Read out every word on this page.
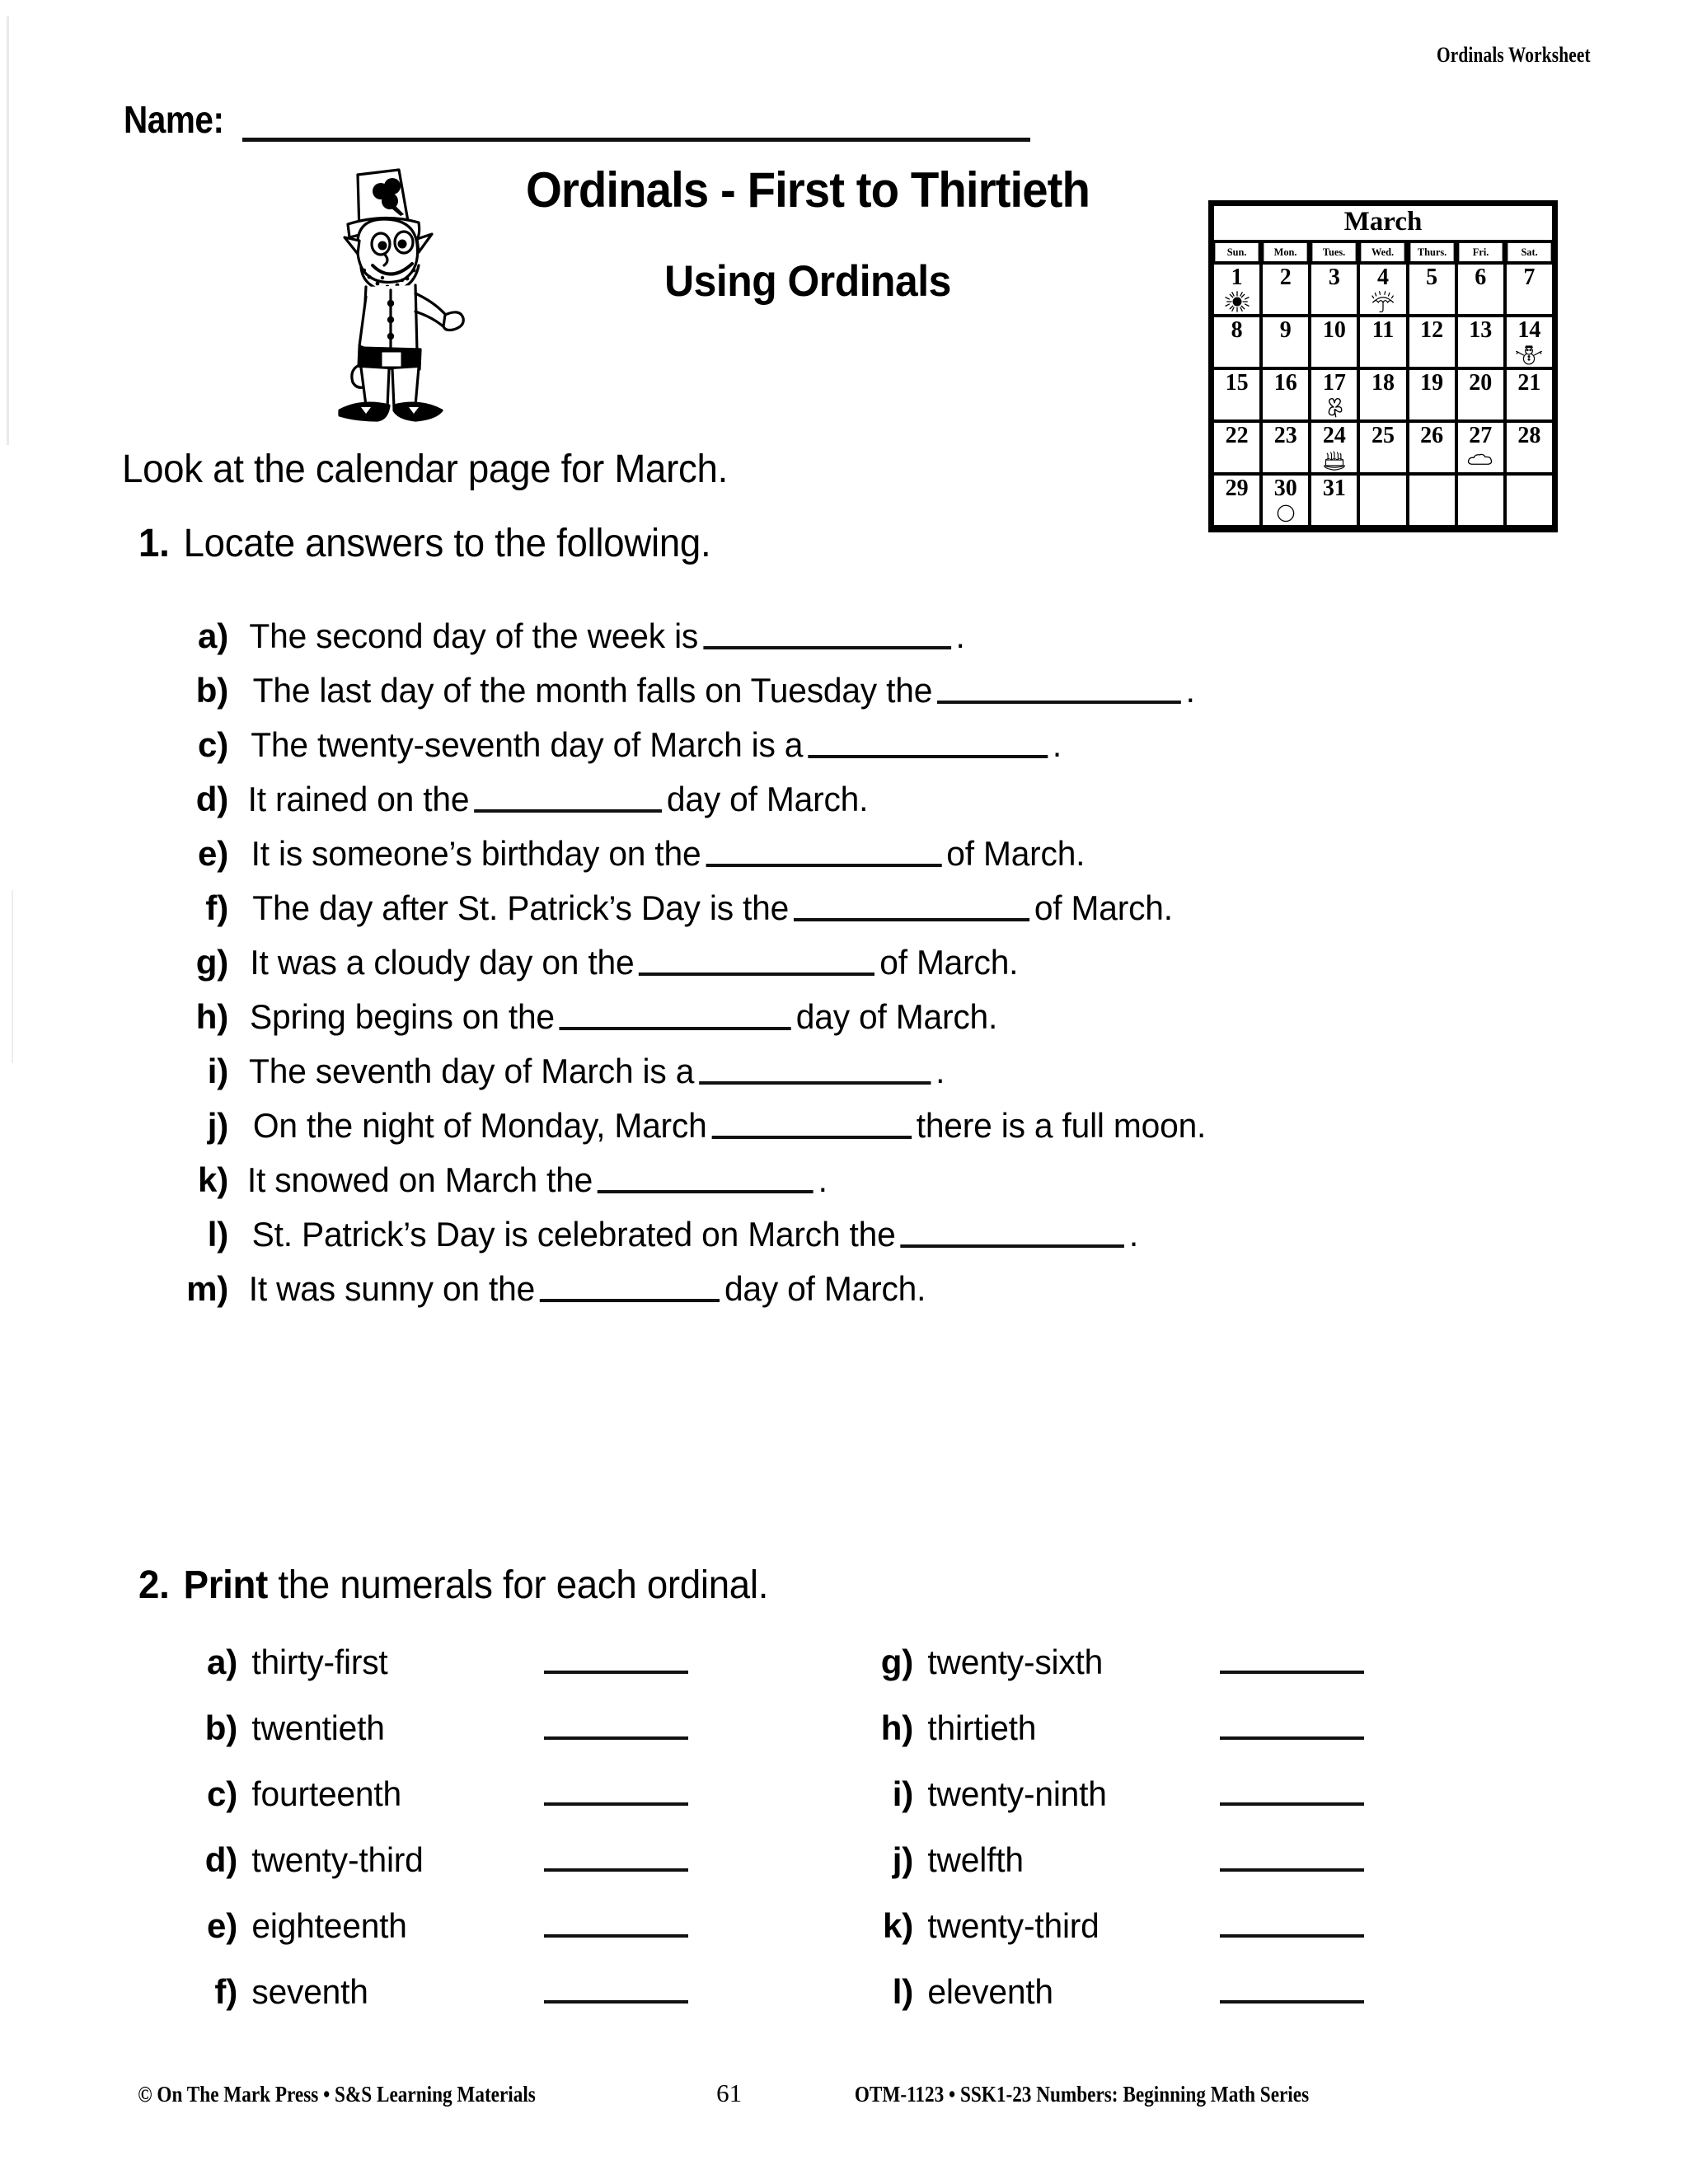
Ordinals Worksheet
Name:
Ordinals - First to Thirtieth
Using Ordinals
March
Sun.	Mon.	Tues.	Wed.	Thurs.	Fri.	Sat.
1	2	3	4	5	6	7
8	9	10	11	12	13	14
15	16	17	18	19	20	21
22	23	24	25	26	27	28
29	30	31
Look at the calendar page for March.
1. Locate answers to the following.
a) The second day of the week is	.
b) The last day of the month falls on Tuesday the	.
c) The twenty-seventh day of March is a	.
d) It rained on the	day of March.
e) It is someone’s birthday on the	of March.
f) The day after St. Patrick’s Day is the	of March.
g) It was a cloudy day on the	of March.
h) Spring begins on the	day of March.
i) The seventh day of March is a	.
j) On the night of Monday, March	there is a full moon.
k) It snowed on March the	.
l) St. Patrick’s Day is celebrated on March the	.
m) It was sunny on the	day of March.
2. Print the numerals for each ordinal.
a) thirty-first
b) twentieth
c) fourteenth
d) twenty-third
e) eighteenth
f) seventh
g) twenty-sixth
h) thirtieth
i) twenty-ninth
j) twelfth
k) twenty-third
l) eleventh
© On The Mark Press • S&S Learning Materials	61	OTM-1123 • SSK1-23 Numbers: Beginning Math Series
